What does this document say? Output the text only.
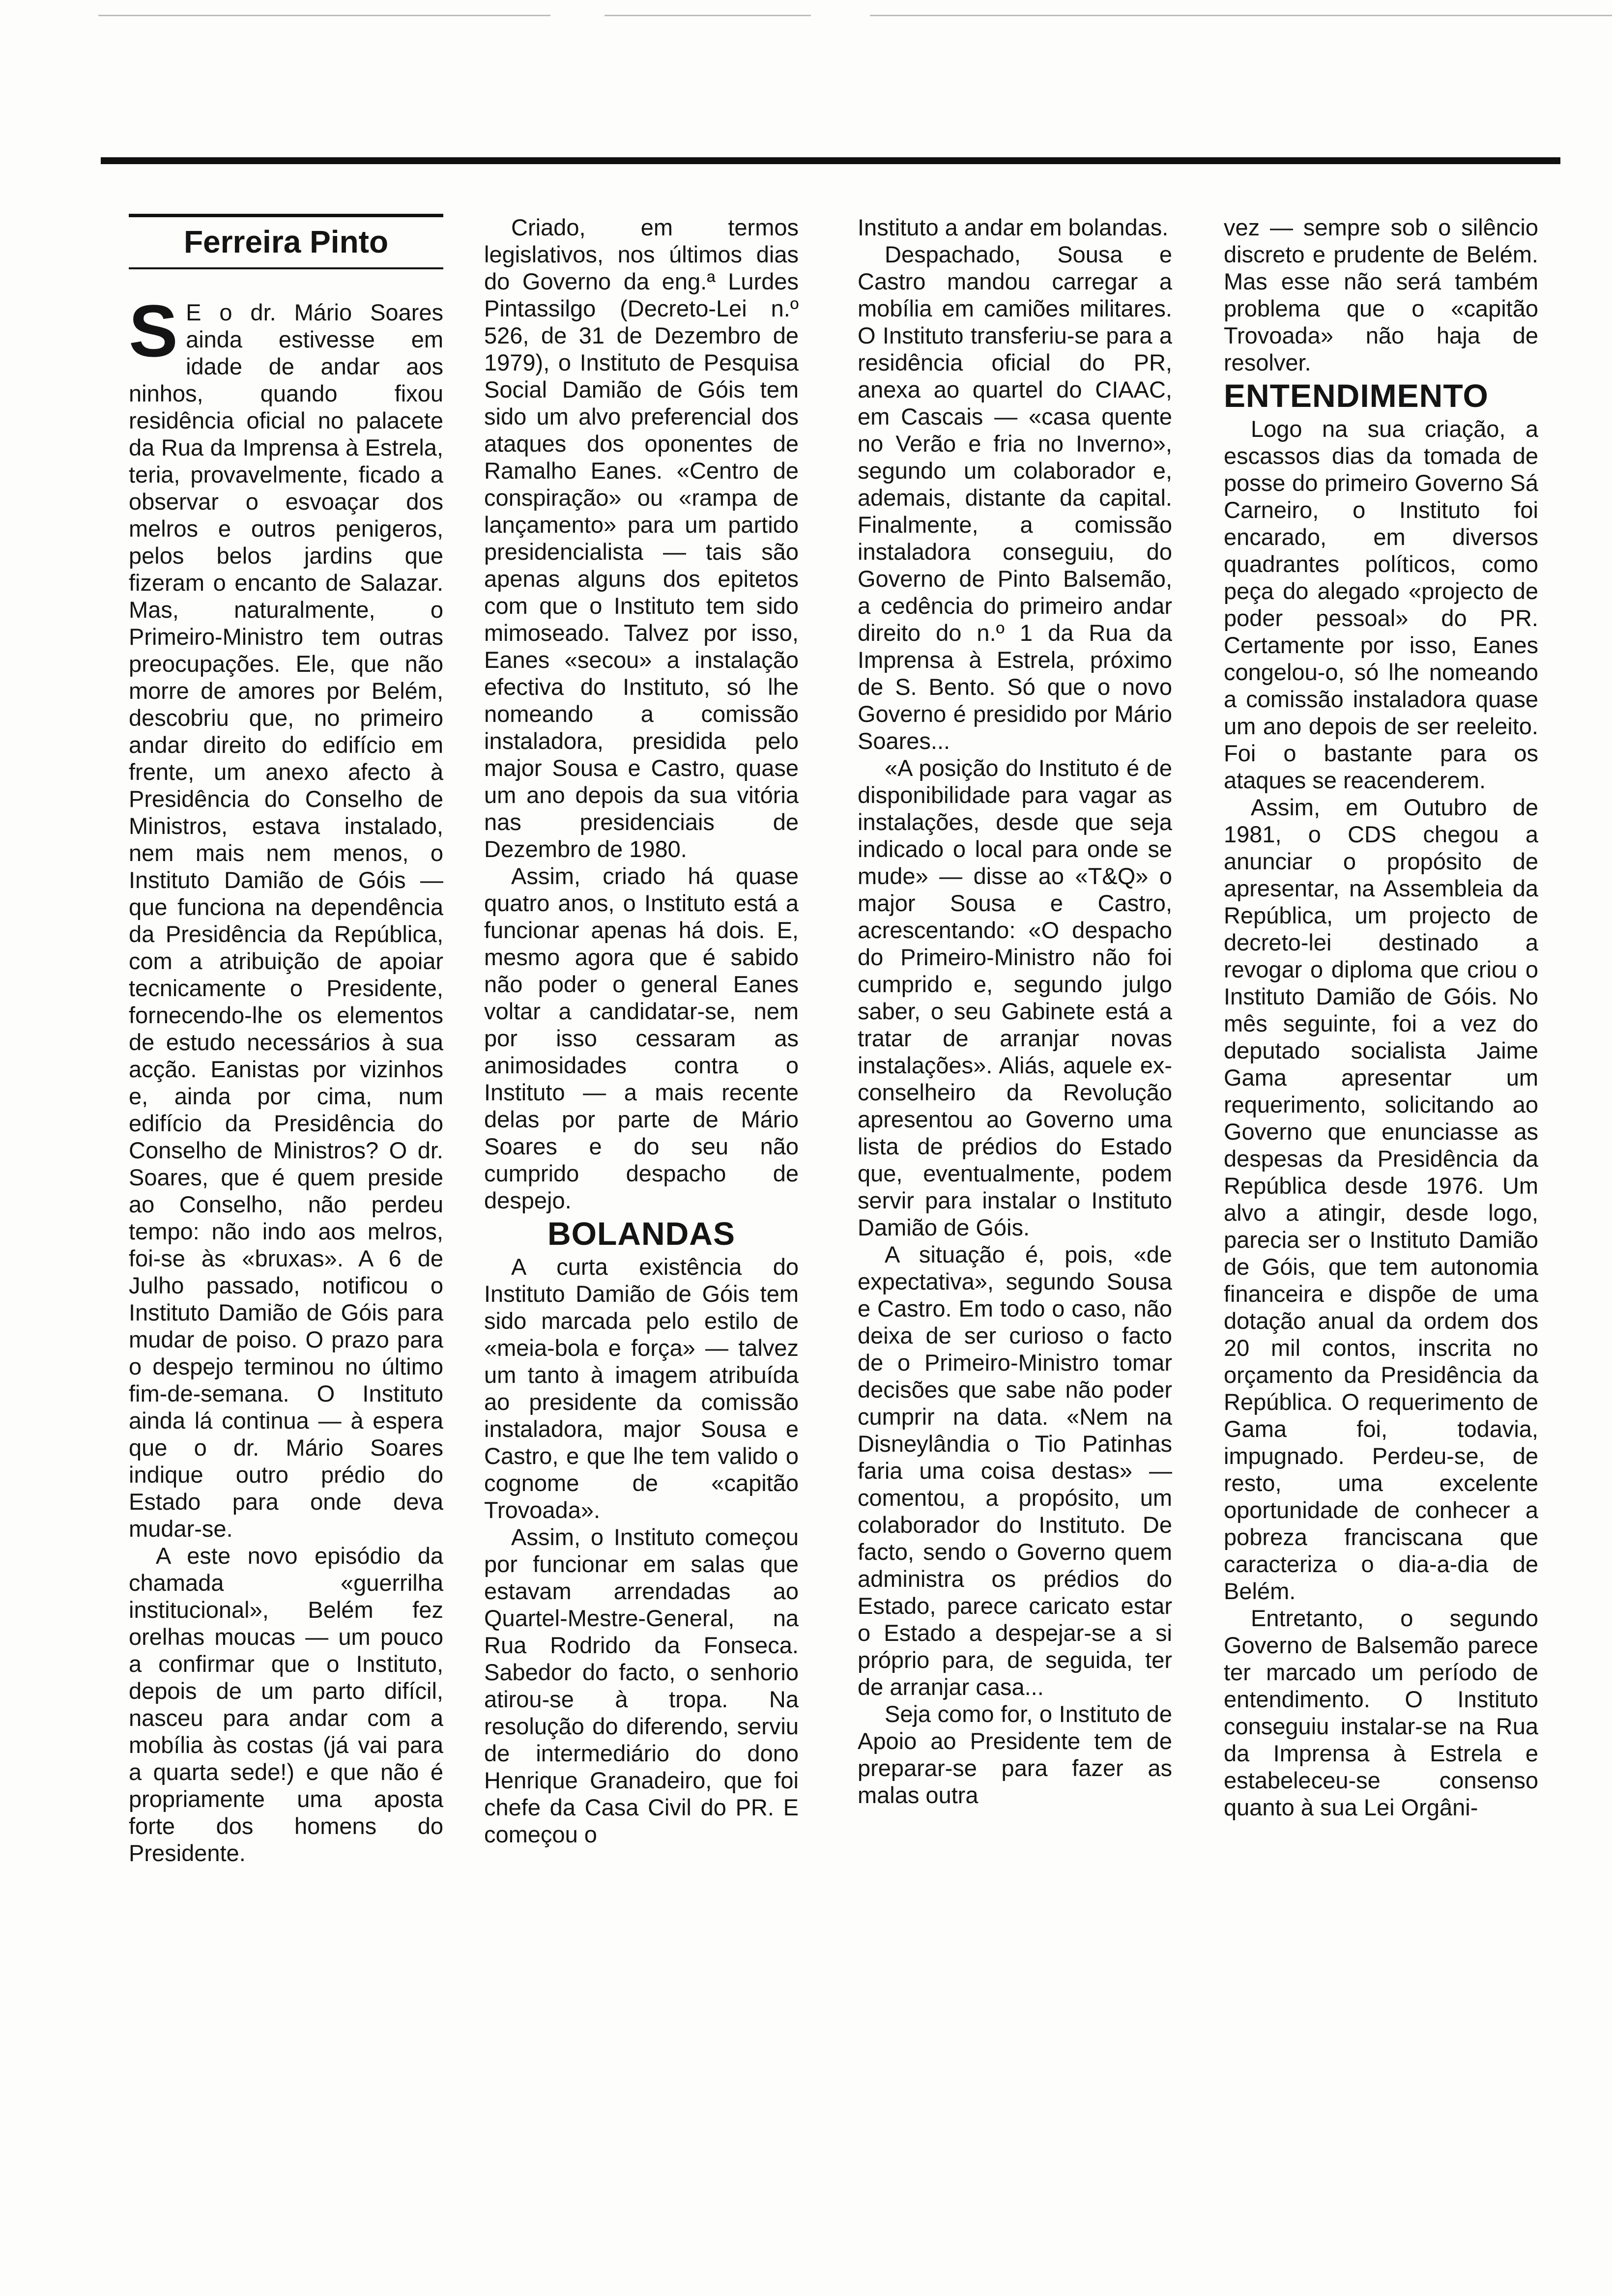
Ferreira Pinto

S E o dr. Mário Soares ainda estivesse em idade de andar aos ninhos, quando fixou residência oficial no palacete da Rua da Imprensa à Estrela, teria, provavelmente, ficado a observar o esvoaçar dos melros e outros penigeros, pelos belos jardins que fizeram o encanto de Salazar. Mas, naturalmente, o Primeiro-Ministro tem outras preocupações. Ele, que não morre de amores por Belém, descobriu que, no primeiro andar direito do edifício em frente, um anexo afecto à Presidência do Conselho de Ministros, estava instalado, nem mais nem menos, o Instituto Damião de Góis — que funciona na dependência da Presidência da República, com a atribuição de apoiar tecnicamente o Presidente, fornecendo-lhe os elementos de estudo necessários à sua acção. Eanistas por vizinhos e, ainda por cima, num edifício da Presidência do Conselho de Ministros? O dr. Soares, que é quem preside ao Conselho, não perdeu tempo: não indo aos melros, foi-se às «bruxas». A 6 de Julho passado, notificou o Instituto Damião de Góis para mudar de poiso. O prazo para o despejo terminou no último fim-de-semana. O Instituto ainda lá continua — à espera que o dr. Mário Soares indique outro prédio do Estado para onde deva mudar-se.

A este novo episódio da chamada «guerrilha institucional», Belém fez orelhas moucas — um pouco a confirmar que o Instituto, depois de um parto difícil, nasceu para andar com a mobília às costas (já vai para a quarta sede!) e que não é propriamente uma aposta forte dos homens do Presidente.

Criado, em termos legislativos, nos últimos dias do Governo da eng.ª Lurdes Pintassilgo (Decreto-Lei n.º 526, de 31 de Dezembro de 1979), o Instituto de Pesquisa Social Damião de Góis tem sido um alvo preferencial dos ataques dos oponentes de Ramalho Eanes. «Centro de conspiração» ou «rampa de lançamento» para um partido presidencialista — tais são apenas alguns dos epitetos com que o Instituto tem sido mimoseado. Talvez por isso, Eanes «secou» a instalação efectiva do Instituto, só lhe nomeando a comissão instaladora, presidida pelo major Sousa e Castro, quase um ano depois da sua vitória nas presidenciais de Dezembro de 1980.

Assim, criado há quase quatro anos, o Instituto está a funcionar apenas há dois. E, mesmo agora que é sabido não poder o general Eanes voltar a candidatar-se, nem por isso cessaram as animosidades contra o Instituto — a mais recente delas por parte de Mário Soares e do seu não cumprido despacho de despejo.

BOLANDAS

A curta existência do Instituto Damião de Góis tem sido marcada pelo estilo de «meia-bola e força» — talvez um tanto à imagem atribuída ao presidente da comissão instaladora, major Sousa e Castro, e que lhe tem valido o cognome de «capitão Trovoada».

Assim, o Instituto começou por funcionar em salas que estavam arrendadas ao Quartel-Mestre-General, na Rua Rodrido da Fonseca. Sabedor do facto, o senhorio atirou-se à tropa. Na resolução do diferendo, serviu de intermediário do dono Henrique Granadeiro, que foi chefe da Casa Civil do PR. E começou o

Instituto a andar em bolandas.

Despachado, Sousa e Castro mandou carregar a mobília em camiões militares. O Instituto transferiu-se para a residência oficial do PR, anexa ao quartel do CIAAC, em Cascais — «casa quente no Verão e fria no Inverno», segundo um colaborador e, ademais, distante da capital. Finalmente, a comissão instaladora conseguiu, do Governo de Pinto Balsemão, a cedência do primeiro andar direito do n.º 1 da Rua da Imprensa à Estrela, próximo de S. Bento. Só que o novo Governo é presidido por Mário Soares...

«A posição do Instituto é de disponibilidade para vagar as instalações, desde que seja indicado o local para onde se mude» — disse ao «T&Q» o major Sousa e Castro, acrescentando: «O despacho do Primeiro-Ministro não foi cumprido e, segundo julgo saber, o seu Gabinete está a tratar de arranjar novas instalações». Aliás, aquele ex-conselheiro da Revolução apresentou ao Governo uma lista de prédios do Estado que, eventualmente, podem servir para instalar o Instituto Damião de Góis.

A situação é, pois, «de expectativa», segundo Sousa e Castro. Em todo o caso, não deixa de ser curioso o facto de o Primeiro-Ministro tomar decisões que sabe não poder cumprir na data. «Nem na Disneylândia o Tio Patinhas faria uma coisa destas» — comentou, a propósito, um colaborador do Instituto. De facto, sendo o Governo quem administra os prédios do Estado, parece caricato estar o Estado a despejar-se a si próprio para, de seguida, ter de arranjar casa...

Seja como for, o Instituto de Apoio ao Presidente tem de preparar-se para fazer as malas outra

vez — sempre sob o silêncio discreto e prudente de Belém. Mas esse não será também problema que o «capitão Trovoada» não haja de resolver.

ENTENDIMENTO

Logo na sua criação, a escassos dias da tomada de posse do primeiro Governo Sá Carneiro, o Instituto foi encarado, em diversos quadrantes políticos, como peça do alegado «projecto de poder pessoal» do PR. Certamente por isso, Eanes congelou-o, só lhe nomeando a comissão instaladora quase um ano depois de ser reeleito. Foi o bastante para os ataques se reacenderem.

Assim, em Outubro de 1981, o CDS chegou a anunciar o propósito de apresentar, na Assembleia da República, um projecto de decreto-lei destinado a revogar o diploma que criou o Instituto Damião de Góis. No mês seguinte, foi a vez do deputado socialista Jaime Gama apresentar um requerimento, solicitando ao Governo que enunciasse as despesas da Presidência da República desde 1976. Um alvo a atingir, desde logo, parecia ser o Instituto Damião de Góis, que tem autonomia financeira e dispõe de uma dotação anual da ordem dos 20 mil contos, inscrita no orçamento da Presidência da República. O requerimento de Gama foi, todavia, impugnado. Perdeu-se, de resto, uma excelente oportunidade de conhecer a pobreza franciscana que caracteriza o dia-a-dia de Belém.

Entretanto, o segundo Governo de Balsemão parece ter marcado um período de entendimento. O Instituto conseguiu instalar-se na Rua da Imprensa à Estrela e estabeleceu-se consenso quanto à sua Lei Orgâni-
